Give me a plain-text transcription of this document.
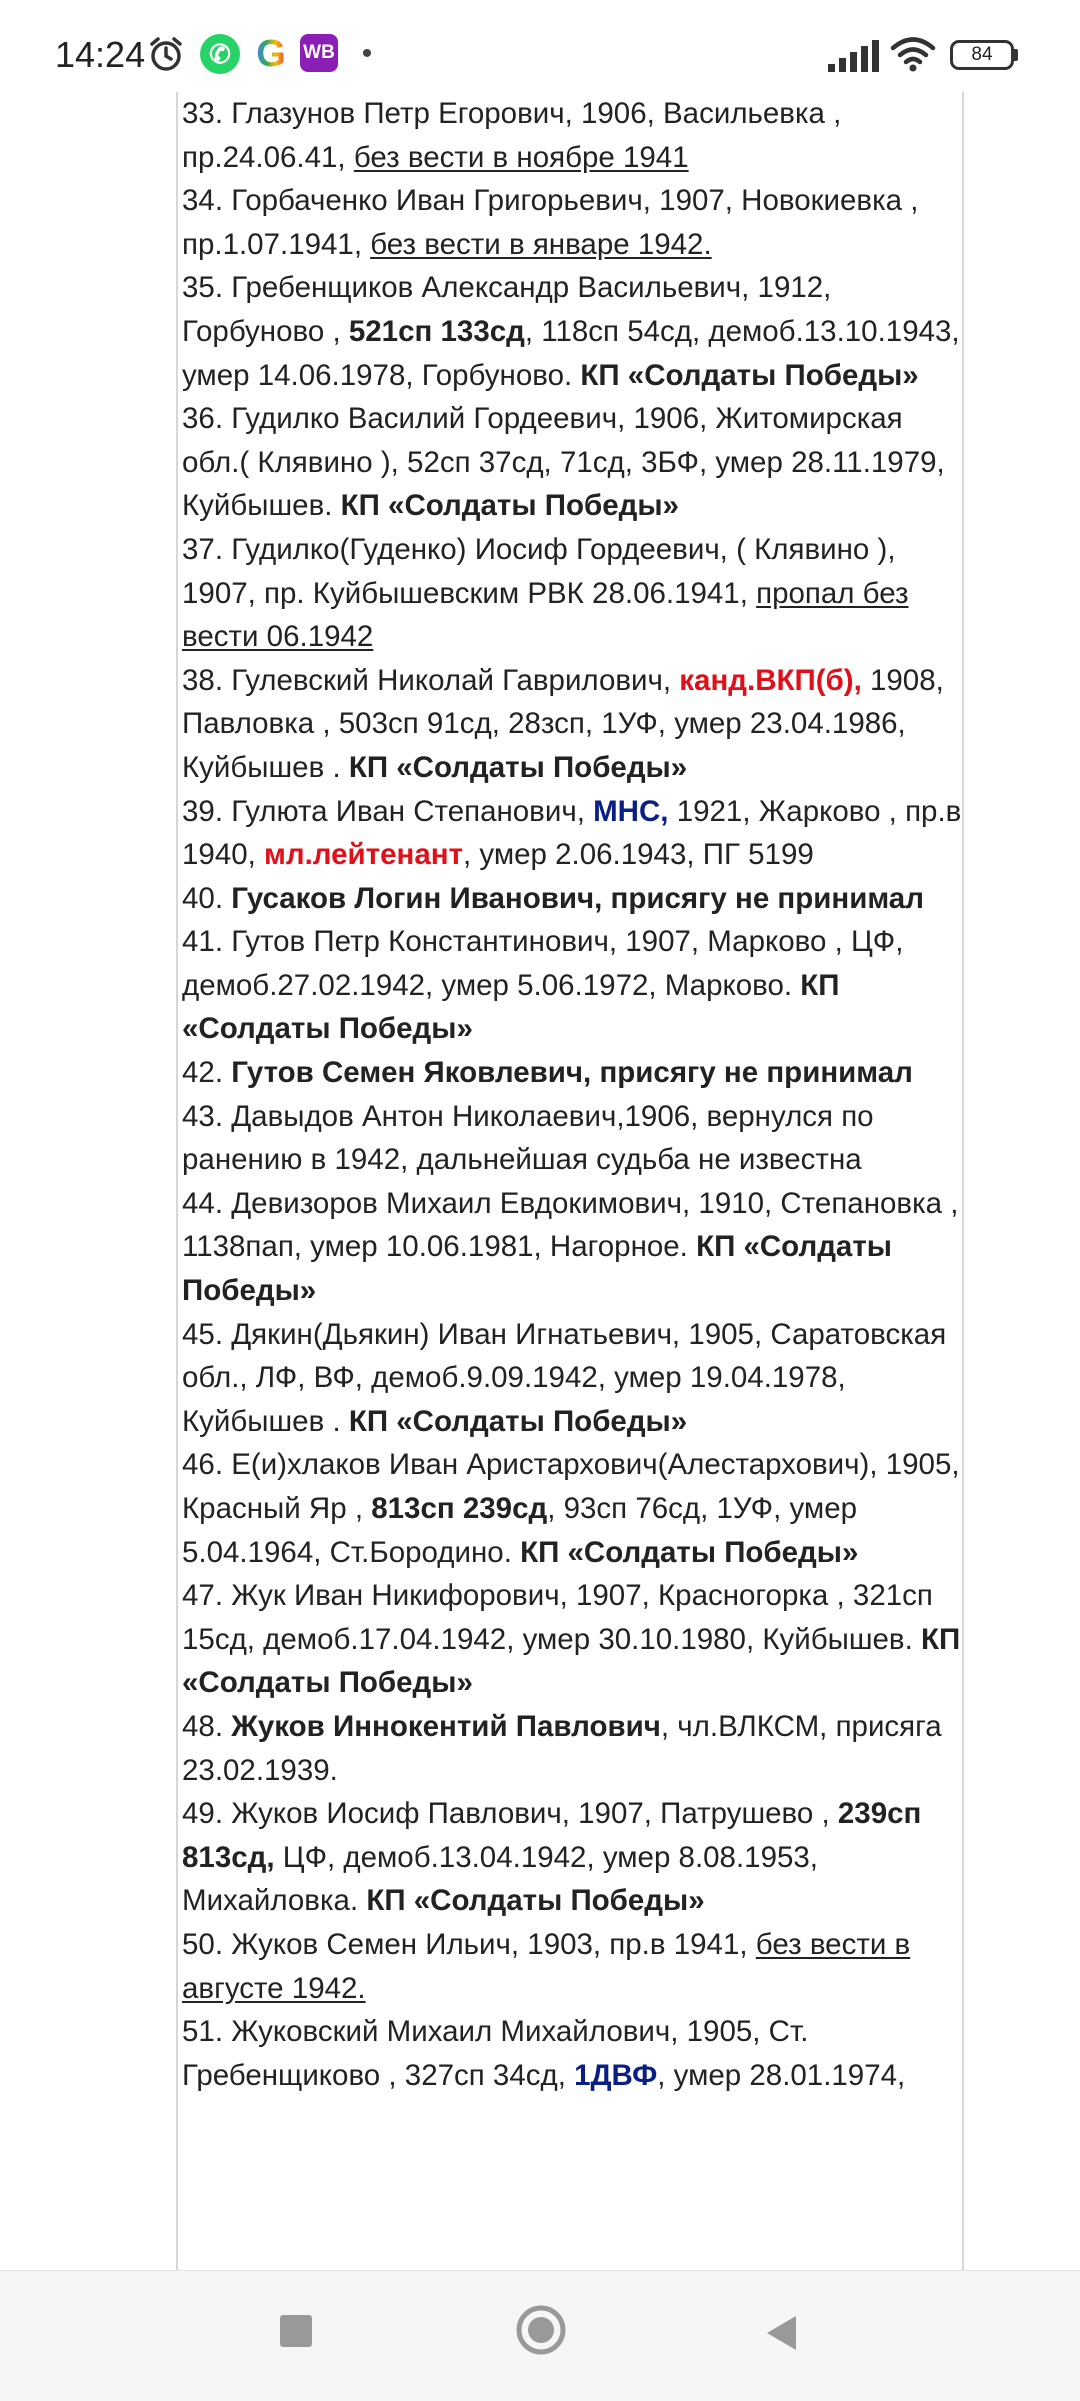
14:24	✆ G WB •	84

33. Глазунов Петр Егорович, 1906, Васильевка , пр.24.06.41, без вести в ноябре 1941

34. Горбаченко Иван Григорьевич, 1907, Новокиевка , пр.1.07.1941, без вести в январе 1942.

35. Гребенщиков Александр Васильевич, 1912, Горбуново , 521сп 133сд, 118сп 54сд, демоб.13.10.1943, умер 14.06.1978, Горбуново. КП «Солдаты Победы»

36. Гудилко Василий Гордеевич, 1906, Житомирская обл.( Клявино ), 52сп 37сд, 71сд, 3БФ, умер 28.11.1979, Куйбышев. КП «Солдаты Победы»

37. Гудилко(Гуденко) Иосиф Гордеевич, ( Клявино ), 1907, пр. Куйбышевским РВК 28.06.1941, пропал без вести 06.1942

38. Гулевский Николай Гаврилович, канд.ВКП(б), 1908, Павловка , 503сп 91сд, 28зсп, 1УФ, умер 23.04.1986, Куйбышев . КП «Солдаты Победы»

39. Гулюта Иван Степанович, МНС, 1921, Жарково , пр.в 1940, мл.лейтенант, умер 2.06.1943, ПГ 5199

40. Гусаков Логин Иванович, присягу не принимал

41. Гутов Петр Константинович, 1907, Марково , ЦФ, демоб.27.02.1942, умер 5.06.1972, Марково. КП «Солдаты Победы»

42. Гутов Семен Яковлевич, присягу не принимал

43. Давыдов Антон Николаевич,1906, вернулся по ранению в 1942, дальнейшая судьба не известна

44. Девизоров Михаил Евдокимович, 1910, Степановка , 1138пап, умер 10.06.1981, Нагорное. КП «Солдаты Победы»

45. Дякин(Дьякин) Иван Игнатьевич, 1905, Саратовская обл., ЛФ, ВФ, демоб.9.09.1942, умер 19.04.1978, Куйбышев . КП «Солдаты Победы»

46. Е(и)хлаков Иван Аристархович(Алестархович), 1905, Красный Яр , 813сп 239сд, 93сп 76сд, 1УФ, умер 5.04.1964, Ст.Бородино. КП «Солдаты Победы»

47. Жук Иван Никифорович, 1907, Красногорка , 321сп 15сд, демоб.17.04.1942, умер 30.10.1980, Куйбышев. КП «Солдаты Победы»

48. Жуков Иннокентий Павлович, чл.ВЛКСМ, присяга 23.02.1939.

49. Жуков Иосиф Павлович, 1907, Патрушево , 239сп 813сд, ЦФ, демоб.13.04.1942, умер 8.08.1953, Михайловка. КП «Солдаты Победы»

50. Жуков Семен Ильич, 1903, пр.в 1941, без вести в августе 1942.

51. Жуковский Михаил Михайлович, 1905, Ст. Гребенщиково , 327сп 34сд, 1ДВФ, умер 28.01.1974,
